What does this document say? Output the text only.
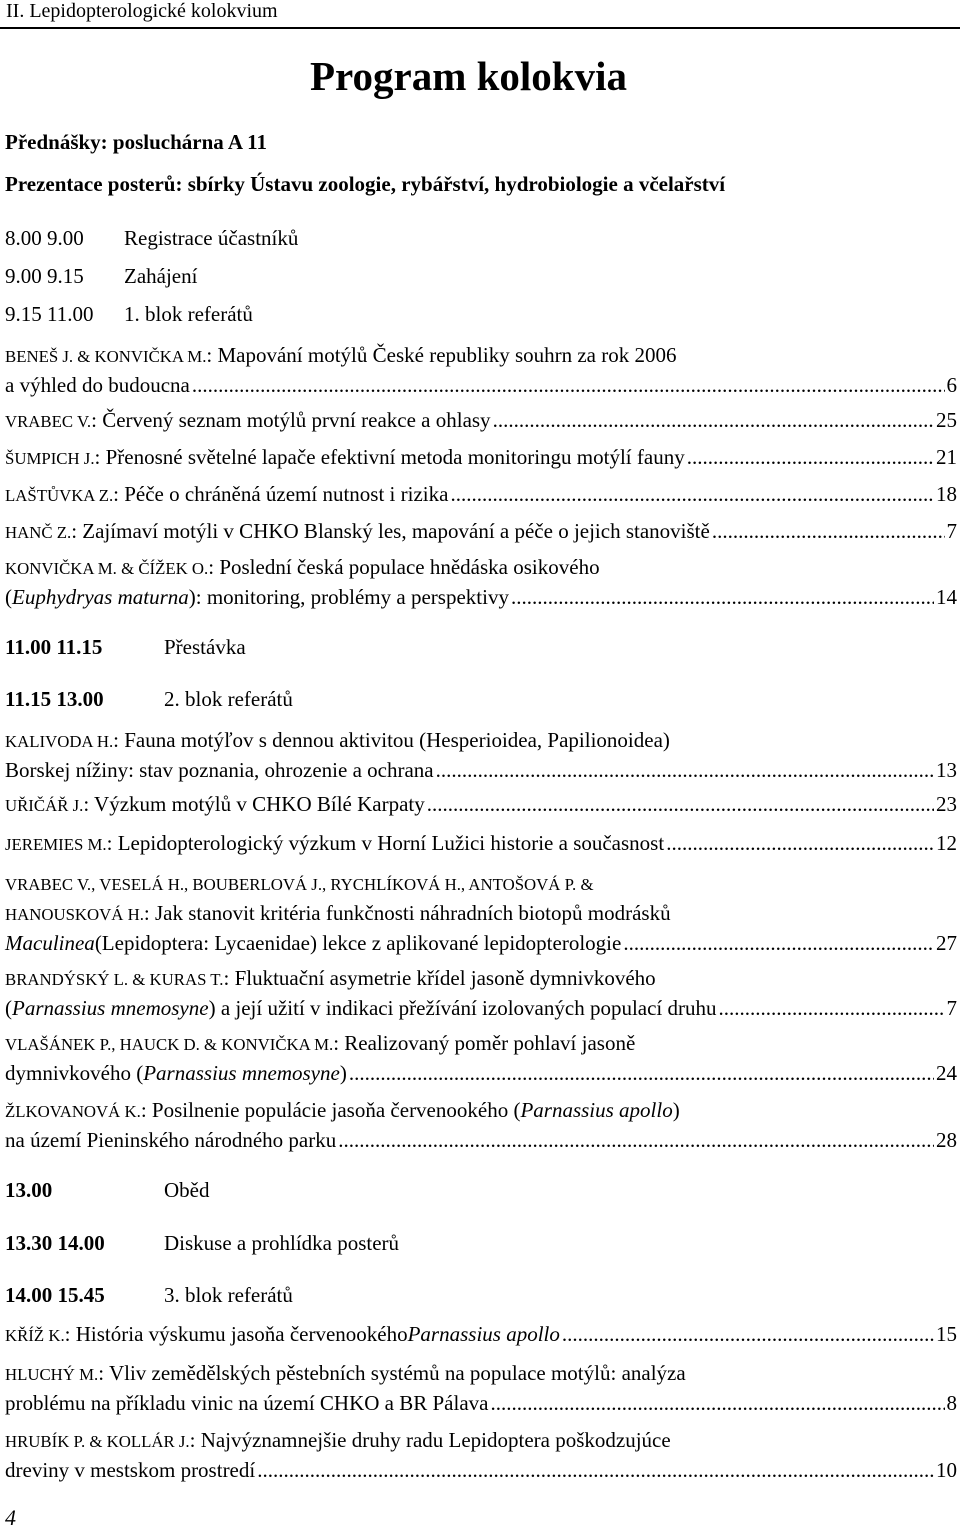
II. Lepidopterologické kolokvium
Program kolokvia
Přednášky: posluchárna A 11
Prezentace posterů: sbírky Ústavu zoologie, rybářství, hydrobiologie a včelařství
8.00 9.00 Registrace účastníků
9.00 9.15 Zahájení
9.15 11.00 1. blok referátů
BENEŠ J. & KONVIČKA M. : Mapování motýlů České republiky souhrn za rok 2006
a výhled do budoucna .....	6
VRABEC V. : Červený seznam motýlů první reakce a ohlasy .....	25
ŠUMPICH J. : Přenosné světelné lapače efektivní metoda monitoringu motýlí fauny .....	21
LAŠTŮVKA Z. : Péče o chráněná území nutnost i rizika .....	18
HANČ Z. : Zajímaví motýli v CHKO Blanský les, mapování a péče o jejich stanoviště .....	7
KONVIČKA M. & ČÍŽEK O. : Poslední česká populace hnědáska osikového
( Euphydryas maturna ): monitoring, problémy a perspektivy .....	14
11.00 11.15	Přestávka
11.15 13.00	2. blok referátů
KALIVODA H. : Fauna motýľov s dennou aktivitou (Hesperioidea, Papilionoidea)
Borskej nížiny: stav poznania, ohrozenie a ochrana .....	13
UŘIČÁŘ J. : Výzkum motýlů v CHKO Bílé Karpaty .....	23
JEREMIES M. : Lepidopterologický výzkum v Horní Lužici historie a současnost .....	12
VRABEC V., VESELÁ H., BOUBERLOVÁ J., RYCHLÍKOVÁ H., ANTOŠOVÁ P. &
HANOUSKOVÁ H. : Jak stanovit kritéria funkčnosti náhradních biotopů modrásků
Maculinea (Lepidoptera: Lycaenidae) lekce z aplikované lepidopterologie .....	27
BRANDÝSKÝ L. & KURAS T. : Fluktuační asymetrie křídel jasoně dymnivkového
( Parnassius mnemosyne ) a její užití v indikaci přežívání izolovaných populací druhu .....	7
VLAŠÁNEK P., HAUCK D. & KONVIČKA M. : Realizovaný poměr pohlaví jasoně
dymnivkového ( Parnassius mnemosyne ) .....	24
ŽLKOVANOVÁ K. : Posilnenie populácie jasoňa červenookého ( Parnassius apollo )
na území Pieninského národného parku .....	28
13.00	Oběd
13.30 14.00	Diskuse a prohlídka posterů
14.00 15.45	3. blok referátů
KŘÍŽ K. : História výskumu jasoňa červenookého Parnassius apollo .....	15
HLUCHÝ M. : Vliv zemědělských pěstebních systémů na populace motýlů: analýza
problému na příkladu vinic na území CHKO a BR Pálava .....	8
HRUBÍK P. & KOLLÁR J. : Najvýznamnejšie druhy radu Lepidoptera poškodzujúce
dreviny v mestskom prostredí .....	10
4
